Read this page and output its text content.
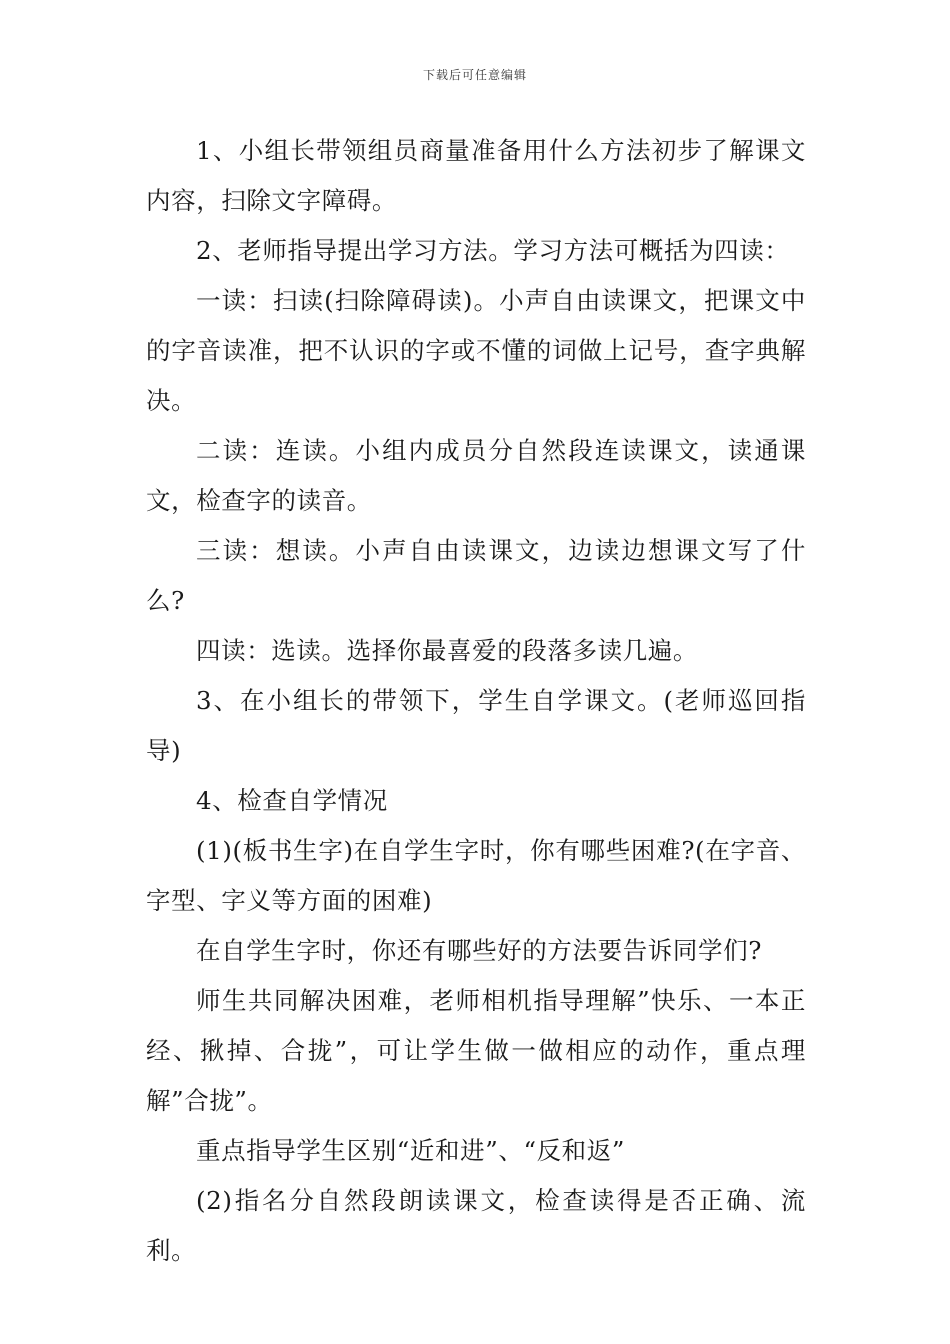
下载后可任意编辑

1、小组长带领组员商量准备用什么方法初步了解课文内容，扫除文字障碍。

2、老师指导提出学习方法。学习方法可概括为四读：

一读：扫读(扫除障碍读)。小声自由读课文，把课文中的字音读准，把不认识的字或不懂的词做上记号，查字典解决。

二读：连读。小组内成员分自然段连读课文，读通课文，检查字的读音。

三读：想读。小声自由读课文，边读边想课文写了什么?

四读：选读。选择你最喜爱的段落多读几遍。

3、在小组长的带领下，学生自学课文。(老师巡回指导)

4、检查自学情况

(1)(板书生字)在自学生字时，你有哪些困难?(在字音、字型、字义等方面的困难)

在自学生字时，你还有哪些好的方法要告诉同学们?

师生共同解决困难，老师相机指导理解”快乐、一本正经、揪掉、合拢”，可让学生做一做相应的动作，重点理解”合拢”。

重点指导学生区别“近和进”、“反和返”

(2)指名分自然段朗读课文，检查读得是否正确、流利。
